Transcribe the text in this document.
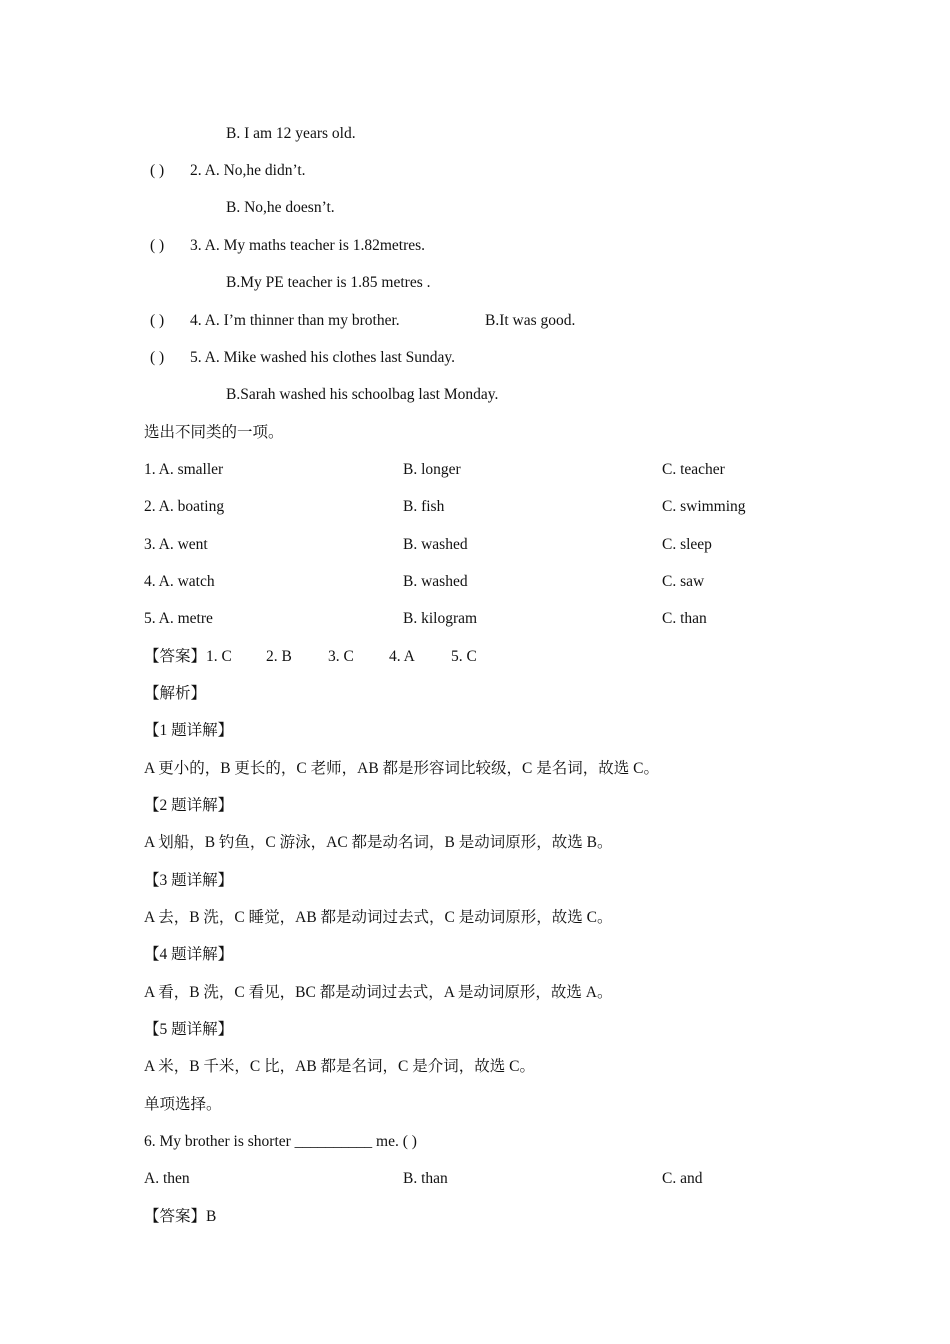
B. I am 12 years old.
( ) 2. A. No,he didn’t.
B. No,he doesn’t.
( ) 3. A. My maths teacher is 1.82metres.
B.My PE teacher is 1.85 metres .
( ) 4. A. I’m thinner than my brother.	B.It was good.
( ) 5. A. Mike washed his clothes last Sunday.
B.Sarah washed his schoolbag last Monday.
选出不同类的一项。
1. A. smaller	B. longer	C. teacher
2. A. boating	B. fish	C. swimming
3. A. went	B. washed	C. sleep
4. A. watch	B. washed	C. saw
5. A. metre	B. kilogram	C. than
【答案】1. C 2. B 3. C 4. A 5. C
【解析】
【1 题详解】
A 更小的，B 更长的，C 老师，AB 都是形容词比较级，C 是名词，故选 C。
【2 题详解】
A 划船，B 钓鱼，C 游泳，AC 都是动名词，B 是动词原形，故选 B。
【3 题详解】
A 去，B 洗，C 睡觉，AB 都是动词过去式，C 是动词原形，故选 C。
【4 题详解】
A 看，B 洗，C 看见，BC 都是动词过去式，A 是动词原形，故选 A。
【5 题详解】
A 米，B 千米，C 比，AB 都是名词，C 是介词，故选 C。
单项选择。
6. My brother is shorter __________ me. ( )
A. then	B. than	C. and
【答案】B
